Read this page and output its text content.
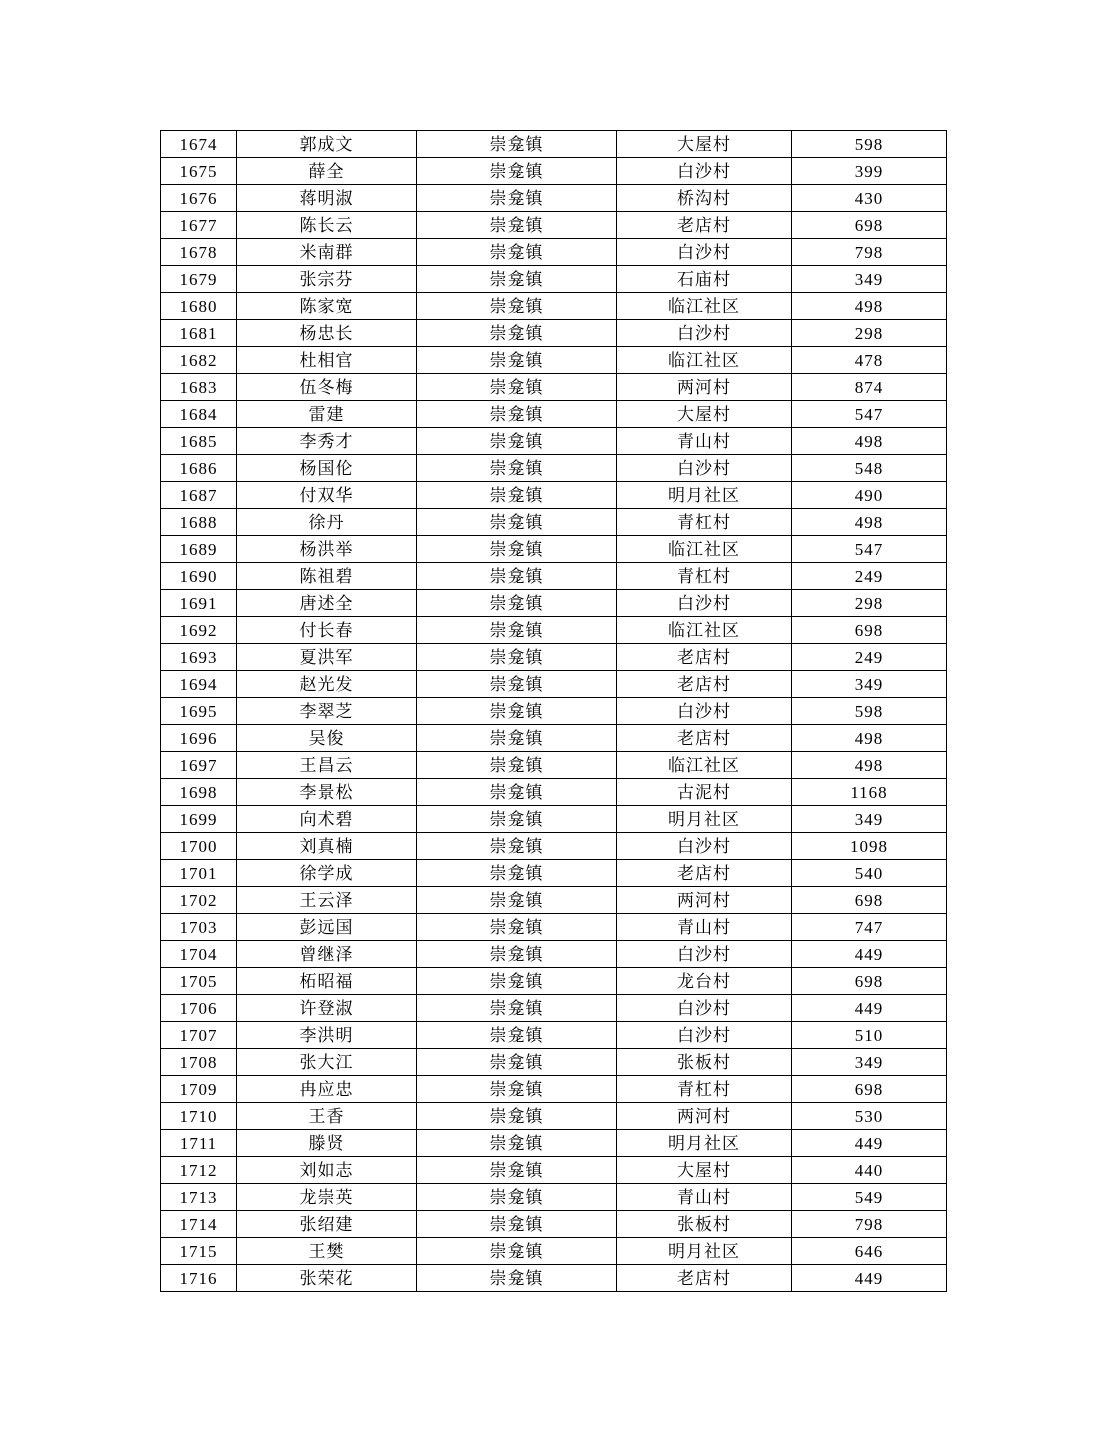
1674	郭成文	崇龛镇	大屋村	598
1675	薛全	崇龛镇	白沙村	399
1676	蒋明淑	崇龛镇	桥沟村	430
1677	陈长云	崇龛镇	老店村	698
1678	米南群	崇龛镇	白沙村	798
1679	张宗芬	崇龛镇	石庙村	349
1680	陈家宽	崇龛镇	临江社区	498
1681	杨忠长	崇龛镇	白沙村	298
1682	杜相官	崇龛镇	临江社区	478
1683	伍冬梅	崇龛镇	两河村	874
1684	雷建	崇龛镇	大屋村	547
1685	李秀才	崇龛镇	青山村	498
1686	杨国伦	崇龛镇	白沙村	548
1687	付双华	崇龛镇	明月社区	490
1688	徐丹	崇龛镇	青杠村	498
1689	杨洪举	崇龛镇	临江社区	547
1690	陈祖碧	崇龛镇	青杠村	249
1691	唐述全	崇龛镇	白沙村	298
1692	付长春	崇龛镇	临江社区	698
1693	夏洪军	崇龛镇	老店村	249
1694	赵光发	崇龛镇	老店村	349
1695	李翠芝	崇龛镇	白沙村	598
1696	吴俊	崇龛镇	老店村	498
1697	王昌云	崇龛镇	临江社区	498
1698	李景松	崇龛镇	古泥村	1168
1699	向术碧	崇龛镇	明月社区	349
1700	刘真楠	崇龛镇	白沙村	1098
1701	徐学成	崇龛镇	老店村	540
1702	王云泽	崇龛镇	两河村	698
1703	彭远国	崇龛镇	青山村	747
1704	曾继泽	崇龛镇	白沙村	449
1705	柘昭福	崇龛镇	龙台村	698
1706	许登淑	崇龛镇	白沙村	449
1707	李洪明	崇龛镇	白沙村	510
1708	张大江	崇龛镇	张板村	349
1709	冉应忠	崇龛镇	青杠村	698
1710	王香	崇龛镇	两河村	530
1711	滕贤	崇龛镇	明月社区	449
1712	刘如志	崇龛镇	大屋村	440
1713	龙崇英	崇龛镇	青山村	549
1714	张绍建	崇龛镇	张板村	798
1715	王樊	崇龛镇	明月社区	646
1716	张荣花	崇龛镇	老店村	449
